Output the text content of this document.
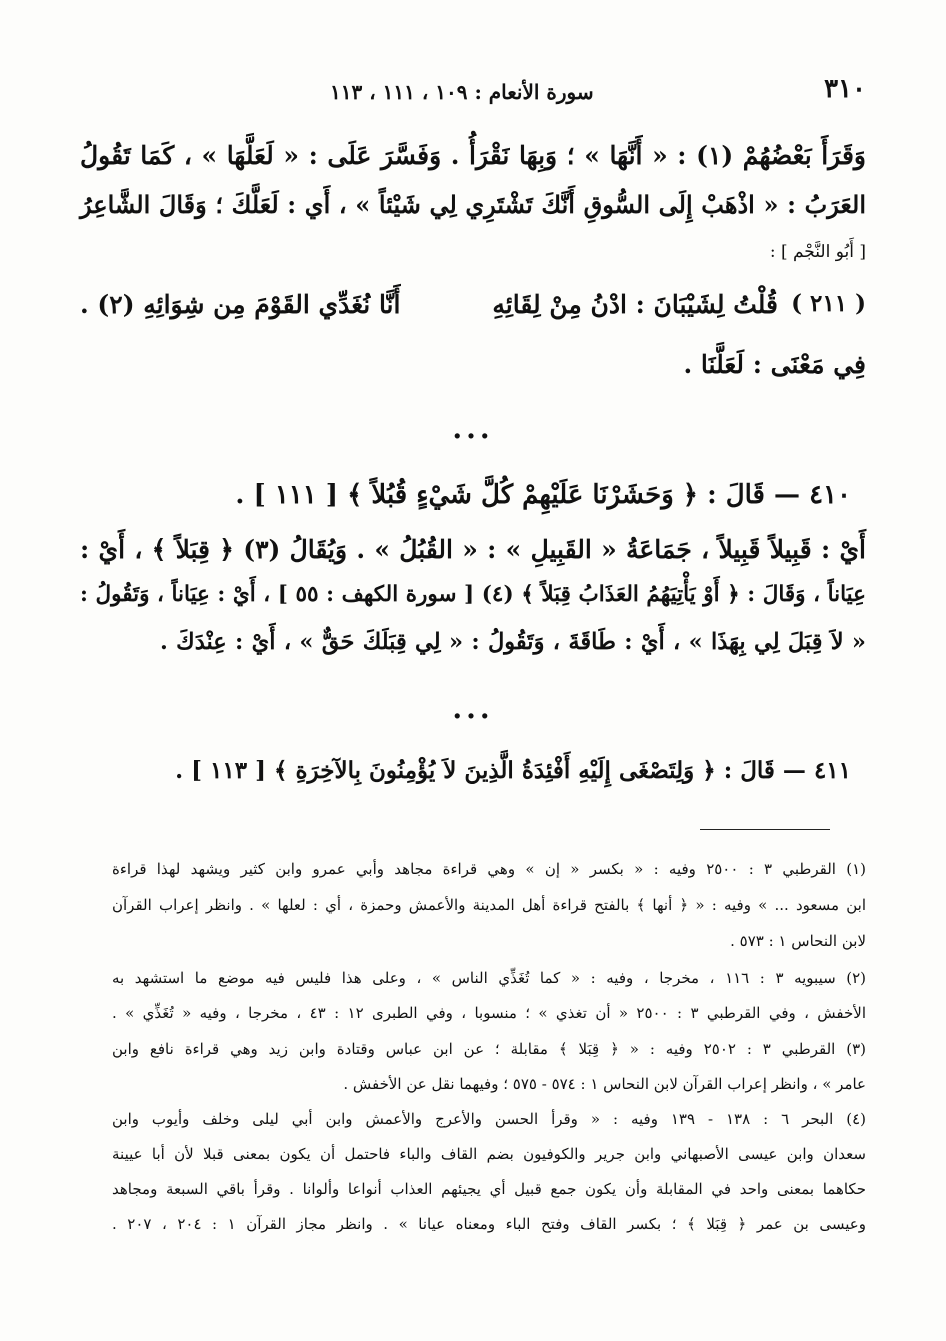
٣١٠
سورة الأنعام : ١٠٩ ، ١١١ ، ١١٣
وَقَرَأَ بَعْضُهُمْ (١) : « أَنَّهَا » ؛ وَبِهَا نَقْرَأُ . وَفَسَّرَ عَلَى : « لَعَلَّهَا » ، كَمَا تَقُولُ
العَرَبُ : « اذْهَبْ إِلَى السُّوقِ أَنَّكَ تَشْتَرِي لِي شَيْئاً » ، أَي : لَعَلَّكَ ؛ وَقَالَ الشَّاعِرُ
[ أَبُو النَّجْم ] :
( ٢١١ )
قُلْتُ لِشَيْبَانَ : ادْنُ مِنْ لِقَائِهِ
أَنَّا نُغَدِّي القَوْمَ مِن شِوَائِهِ (٢) .
فِي مَعْنَى : لَعَلَّنَا .
...
٤١٠ — قَالَ : ﴿ وَحَشَرْنَا عَلَيْهِمْ كُلَّ شَيْءٍ قُبُلاً ﴾ [ ١١١ ] .
أَيْ : قَبِيلاً قَبِيلاً ، جَمَاعَةُ « القَبِيلِ » : « القُبُلُ » . وَيُقَالُ (٣) ﴿ قِبَلاً ﴾ ، أَيْ :
عِيَاناً ، وَقَالَ : ﴿ أَوْ يَأْتِيَهُمُ العَذَابُ قِبَلاً ﴾ (٤) [ سورة الكهف : ٥٥ ] ، أَيْ : عِيَاناً ، وَتَقُولُ :
« لاَ قِبَلَ لِي بِهَذَا » ، أَيْ : طَاقَةَ ، وَتَقُولُ : « لِي قِبَلَكَ حَقٌّ » ، أَيْ : عِنْدَكَ .
...
٤١١ — قَالَ : ﴿ وَلِتَصْغَى إِلَيْهِ أَفْئِدَةُ الَّذِينَ لاَ يُؤْمِنُونَ بِالآخِرَةِ ﴾ [ ١١٣ ] .
(١) القرطبي ٣ : ٢٥٠٠ وفيه : « بكسر « إن » وهي قراءة مجاهد وأبي عمرو وابن كثير ويشهد لهذا قراءة
ابن مسعود ... » وفيه : « ﴿ أنها ﴾ بالفتح قراءة أهل المدينة والأعمش وحمزة ، أي : لعلها » . وانظر إعراب القرآن
لابن النحاس ١ : ٥٧٣ .
(٢) سيبويه ٣ : ١١٦ ، مخرجا ، وفيه : « كما تُغَذِّي الناس » ، وعلى هذا فليس فيه موضع ما استشهد به
الأخفش ، وفي القرطبي ٣ : ٢٥٠٠ « أن تغذي » ؛ منسوبا ، وفي الطبرى ١٢ : ٤٣ ، مخرجا ، وفيه « تُغَذِّي » .
(٣) القرطبي ٣ : ٢٥٠٢ وفيه : « ﴿ قِبَلا ﴾ مقابلة ؛ عن ابن عباس وقتادة وابن زيد وهي قراءة نافع وابن
عامر » ، وانظر إعراب القرآن لابن النحاس ١ : ٥٧٤ - ٥٧٥ ؛ وفيهما نقل عن الأخفش .
(٤) البحر ٦ : ١٣٨ - ١٣٩ وفيه : « وقرأ الحسن والأعرج والأعمش وابن أبي ليلى وخلف وأيوب وابن
سعدان وابن عيسى الأصبهاني وابن جرير والكوفيون بضم القاف والباء فاحتمل أن يكون بمعنى قبلا لأن أبا عيينة
حكاهما بمعنى واحد في المقابلة وأن يكون جمع قبيل أي يجيئهم العذاب أنواعا وألوانا . وقرأ باقي السبعة ومجاهد
وعيسى بن عمر ﴿ قِبَلا ﴾ ؛ بكسر القاف وفتح الباء ومعناه عيانا » . وانظر مجاز القرآن ١ : ٢٠٤ ، ٢٠٧ .
